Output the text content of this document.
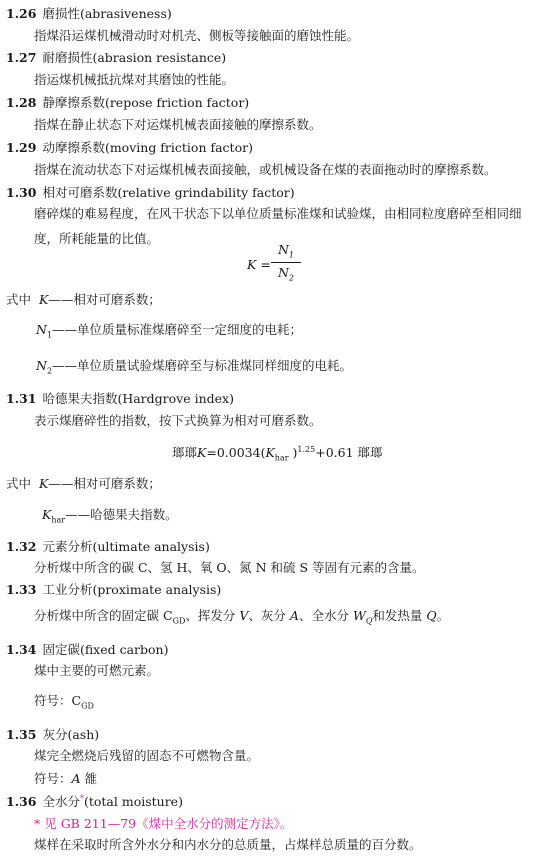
1.26 磨损性(abrasiveness)
指煤沿运煤机械滑动时对机壳、侧板等接触面的磨蚀性能。
1.27 耐磨损性(abrasion resistance)
指运煤机械抵抗煤对其磨蚀的性能。
1.28 静摩擦系数(repose friction factor)
指煤在静止状态下对运煤机械表面接触的摩擦系数。
1.29 动摩擦系数(moving friction factor)
指煤在流动状态下对运煤机械表面接触，或机械设备在煤的表面拖动时的摩擦系数。
1.30 相对可磨系数(relative grindability factor)
磨碎煤的难易程度，在风干状态下以单位质量标准煤和试验煤，由相同粒度磨碎至相同细度，所耗能量的比值。
K =
$N_1$
$N_2$
式中 K——相对可磨系数；
$N_1——$单位质量标准煤磨碎至一定细度的电耗；
$N_2——$单位质量试验煤磨碎至与标准煤同样细度的电耗。
1.31 哈德果夫指数(Hardgrove index)
表示煤磨碎性的指数，按下式换算为相对可磨系数。
瑯瑯$K=0.0034(K_{har}$ )$^{1.25}$+0.61 瑯瑯
式中 K——相对可磨系数；
$K_{har}——$哈德果夫指数。
1.32 元素分析(ultimate analysis)
分析煤中所含的碳 C、氢 H、氧 O、氮 N 和硫 S 等固有元素的含量。
1.33 工业分析(proximate analysis)
分析煤中所含的固定碳 $C_{GD}$、挥发分 V、灰分 A、全水分 $W_Q$和发热量 Q。
1.34 固定碳(fixed carbon)
煤中主要的可燃元素。
符号：$C_{GD}$
1.35 灰分(ash)
煤完全燃烧后残留的固态不可燃物含量。
符号：A 雒
1.36 全水分*(total moisture)
* 见 GB 211—79《煤中全水分的测定方法》。
煤样在采取时所含外水分和内水分的总质量，占煤样总质量的百分数。
